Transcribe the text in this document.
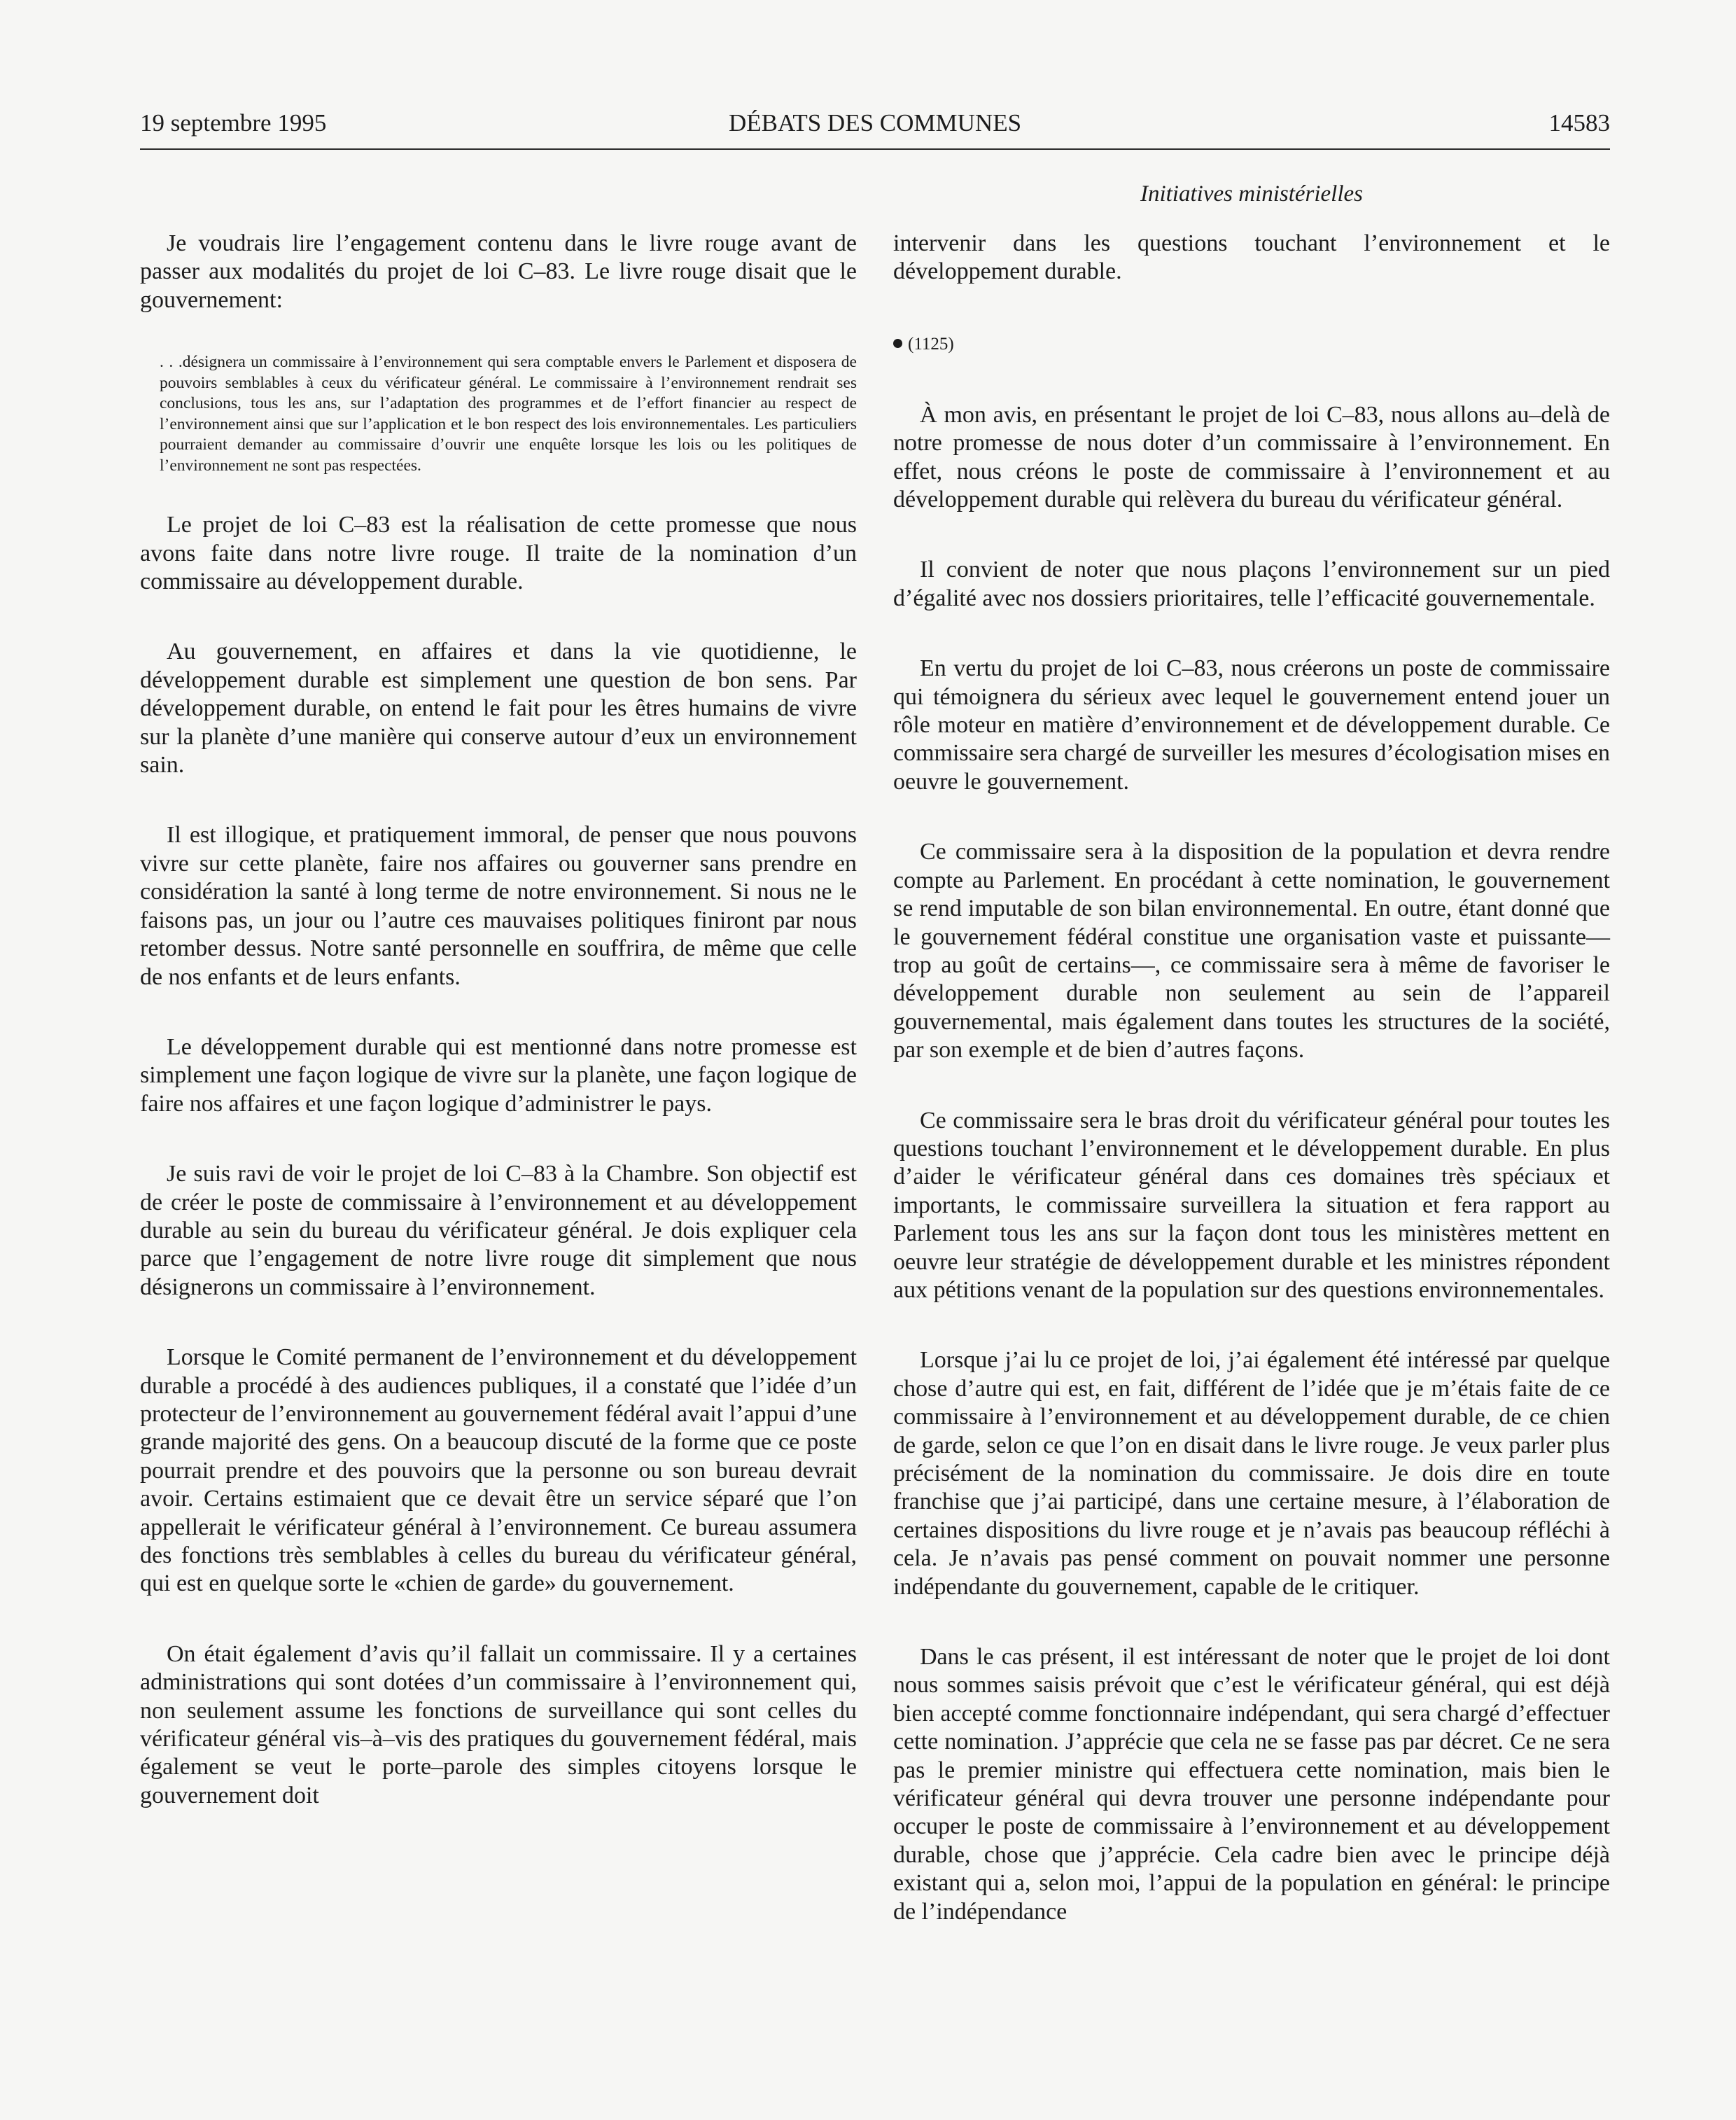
19 septembre 1995	DÉBATS DES COMMUNES	14583
Initiatives ministérielles

Je voudrais lire l’engagement contenu dans le livre rouge avant de passer aux modalités du projet de loi C–83. Le livre rouge disait que le gouvernement:

. . .désignera un commissaire à l’environnement qui sera comptable envers le Parlement et disposera de pouvoirs semblables à ceux du vérificateur général. Le commissaire à l’environnement rendrait ses conclusions, tous les ans, sur l’adaptation des programmes et de l’effort financier au respect de l’environnement ainsi que sur l’application et le bon respect des lois environnementales. Les particuliers pourraient demander au commissaire d’ouvrir une enquête lorsque les lois ou les politiques de l’environnement ne sont pas respectées.

Le projet de loi C–83 est la réalisation de cette promesse que nous avons faite dans notre livre rouge. Il traite de la nomination d’un commissaire au développement durable.

Au gouvernement, en affaires et dans la vie quotidienne, le développement durable est simplement une question de bon sens. Par développement durable, on entend le fait pour les êtres humains de vivre sur la planète d’une manière qui conserve autour d’eux un environnement sain.

Il est illogique, et pratiquement immoral, de penser que nous pouvons vivre sur cette planète, faire nos affaires ou gouverner sans prendre en considération la santé à long terme de notre environnement. Si nous ne le faisons pas, un jour ou l’autre ces mauvaises politiques finiront par nous retomber dessus. Notre santé personnelle en souffrira, de même que celle de nos enfants et de leurs enfants.

Le développement durable qui est mentionné dans notre promesse est simplement une façon logique de vivre sur la planète, une façon logique de faire nos affaires et une façon logique d’administrer le pays.

Je suis ravi de voir le projet de loi C–83 à la Chambre. Son objectif est de créer le poste de commissaire à l’environnement et au développement durable au sein du bureau du vérificateur général. Je dois expliquer cela parce que l’engagement de notre livre rouge dit simplement que nous désignerons un commissaire à l’environnement.

Lorsque le Comité permanent de l’environnement et du développement durable a procédé à des audiences publiques, il a constaté que l’idée d’un protecteur de l’environnement au gouvernement fédéral avait l’appui d’une grande majorité des gens. On a beaucoup discuté de la forme que ce poste pourrait prendre et des pouvoirs que la personne ou son bureau devrait avoir. Certains estimaient que ce devait être un service séparé que l’on appellerait le vérificateur général à l’environnement. Ce bureau assumera des fonctions très semblables à celles du bureau du vérificateur général, qui est en quelque sorte le «chien de garde» du gouvernement.

On était également d’avis qu’il fallait un commissaire. Il y a certaines administrations qui sont dotées d’un commissaire à l’environnement qui, non seulement assume les fonctions de surveillance qui sont celles du vérificateur général vis–à–vis des pratiques du gouvernement fédéral, mais également se veut le porte–parole des simples citoyens lorsque le gouvernement doit

intervenir dans les questions touchant l’environnement et le développement durable.

(1125)

À mon avis, en présentant le projet de loi C–83, nous allons au–delà de notre promesse de nous doter d’un commissaire à l’environnement. En effet, nous créons le poste de commissaire à l’environnement et au développement durable qui relèvera du bureau du vérificateur général.

Il convient de noter que nous plaçons l’environnement sur un pied d’égalité avec nos dossiers prioritaires, telle l’efficacité gouvernementale.

En vertu du projet de loi C–83, nous créerons un poste de commissaire qui témoignera du sérieux avec lequel le gouvernement entend jouer un rôle moteur en matière d’environnement et de développement durable. Ce commissaire sera chargé de surveiller les mesures d’écologisation mises en oeuvre le gouvernement.

Ce commissaire sera à la disposition de la population et devra rendre compte au Parlement. En procédant à cette nomination, le gouvernement se rend imputable de son bilan environnemental. En outre, étant donné que le gouvernement fédéral constitue une organisation vaste et puissante—trop au goût de certains—, ce commissaire sera à même de favoriser le développement durable non seulement au sein de l’appareil gouvernemental, mais également dans toutes les structures de la société, par son exemple et de bien d’autres façons.

Ce commissaire sera le bras droit du vérificateur général pour toutes les questions touchant l’environnement et le développement durable. En plus d’aider le vérificateur général dans ces domaines très spéciaux et importants, le commissaire surveillera la situation et fera rapport au Parlement tous les ans sur la façon dont tous les ministères mettent en oeuvre leur stratégie de développement durable et les ministres répondent aux pétitions venant de la population sur des questions environnementales.

Lorsque j’ai lu ce projet de loi, j’ai également été intéressé par quelque chose d’autre qui est, en fait, différent de l’idée que je m’étais faite de ce commissaire à l’environnement et au développement durable, de ce chien de garde, selon ce que l’on en disait dans le livre rouge. Je veux parler plus précisément de la nomination du commissaire. Je dois dire en toute franchise que j’ai participé, dans une certaine mesure, à l’élaboration de certaines dispositions du livre rouge et je n’avais pas beaucoup réfléchi à cela. Je n’avais pas pensé comment on pouvait nommer une personne indépendante du gouvernement, capable de le critiquer.

Dans le cas présent, il est intéressant de noter que le projet de loi dont nous sommes saisis prévoit que c’est le vérificateur général, qui est déjà bien accepté comme fonctionnaire indépendant, qui sera chargé d’effectuer cette nomination. J’apprécie que cela ne se fasse pas par décret. Ce ne sera pas le premier ministre qui effectuera cette nomination, mais bien le vérificateur général qui devra trouver une personne indépendante pour occuper le poste de commissaire à l’environnement et au développement durable, chose que j’apprécie. Cela cadre bien avec le principe déjà existant qui a, selon moi, l’appui de la population en général: le principe de l’indépendance
